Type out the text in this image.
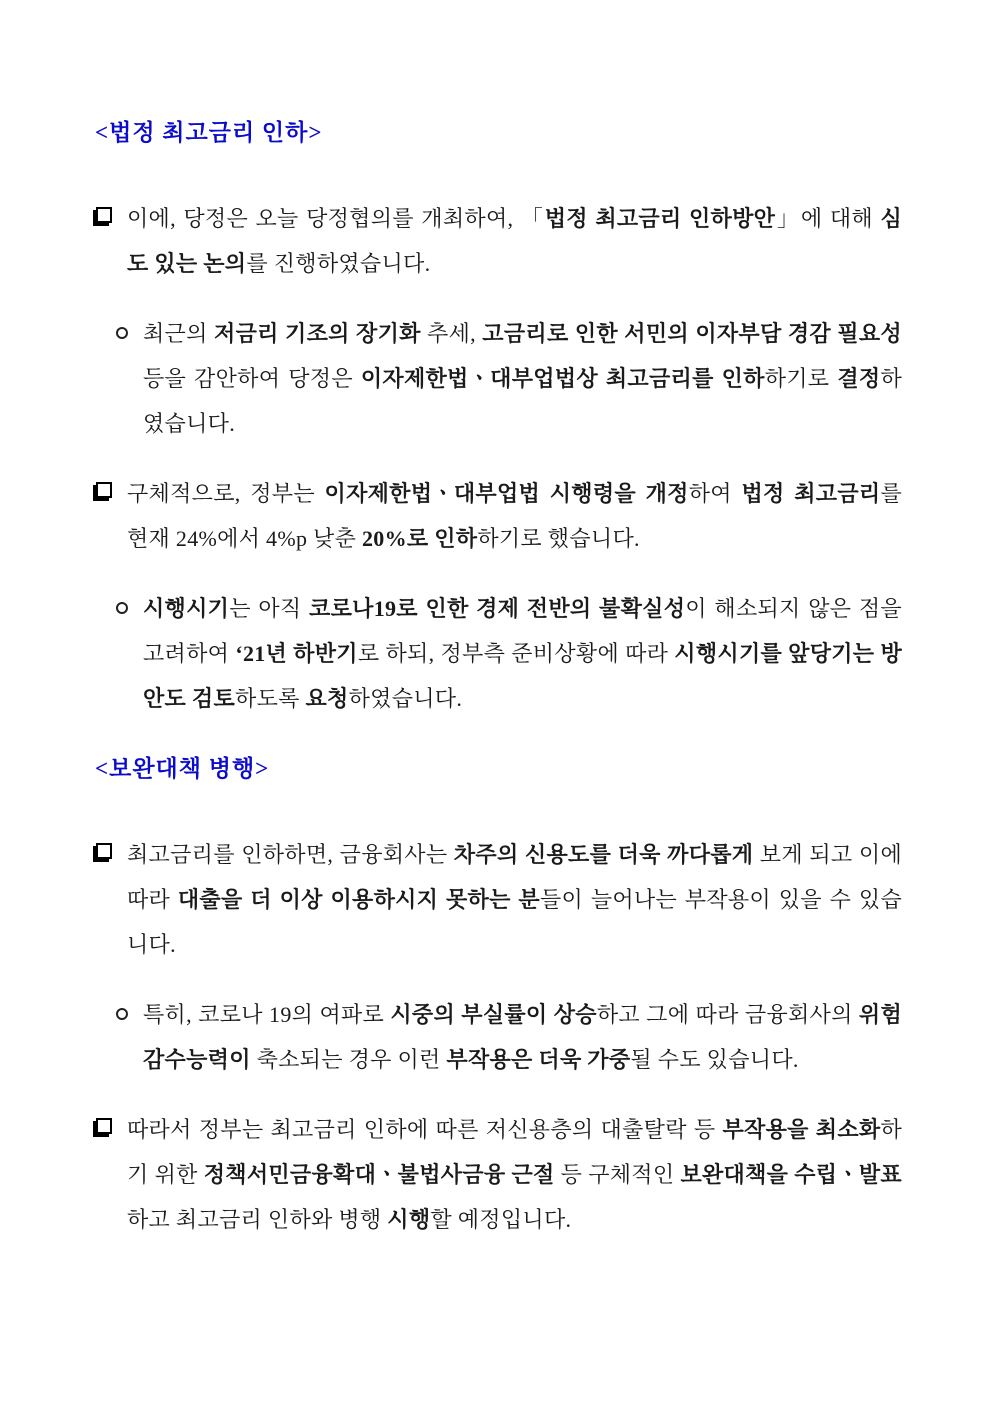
<법정 최고금리 인하>
이에, 당정은 오늘 당정협의를 개최하여, 「법정 최고금리 인하방안」에 대해 심도 있는 논의를 진행하였습니다.
최근의 저금리 기조의 장기화 추세, 고금리로 인한 서민의 이자부담 경감 필요성 등을 감안하여 당정은 이자제한법ㆍ대부업법상 최고금리를 인하하기로 결정하였습니다.
구체적으로, 정부는 이자제한법ㆍ대부업법 시행령을 개정하여 법정 최고금리를 현재 24%에서 4%p 낮춘 20%로 인하하기로 했습니다.
시행시기는 아직 코로나19로 인한 경제 전반의 불확실성이 해소되지 않은 점을 고려하여 ‘21년 하반기로 하되, 정부측 준비상황에 따라 시행시기를 앞당기는 방안도 검토하도록 요청하였습니다.
<보완대책 병행>
최고금리를 인하하면, 금융회사는 차주의 신용도를 더욱 까다롭게 보게 되고 이에 따라 대출을 더 이상 이용하시지 못하는 분들이 늘어나는 부작용이 있을 수 있습니다.
특히, 코로나 19의 여파로 시중의 부실률이 상승하고 그에 따라 금융회사의 위험감수능력이 축소되는 경우 이런 부작용은 더욱 가중될 수도 있습니다.
따라서 정부는 최고금리 인하에 따른 저신용층의 대출탈락 등 부작용을 최소화하기 위한 정책서민금융확대ㆍ불법사금융 근절 등 구체적인 보완대책을 수립ㆍ발표하고 최고금리 인하와 병행 시행할 예정입니다.
